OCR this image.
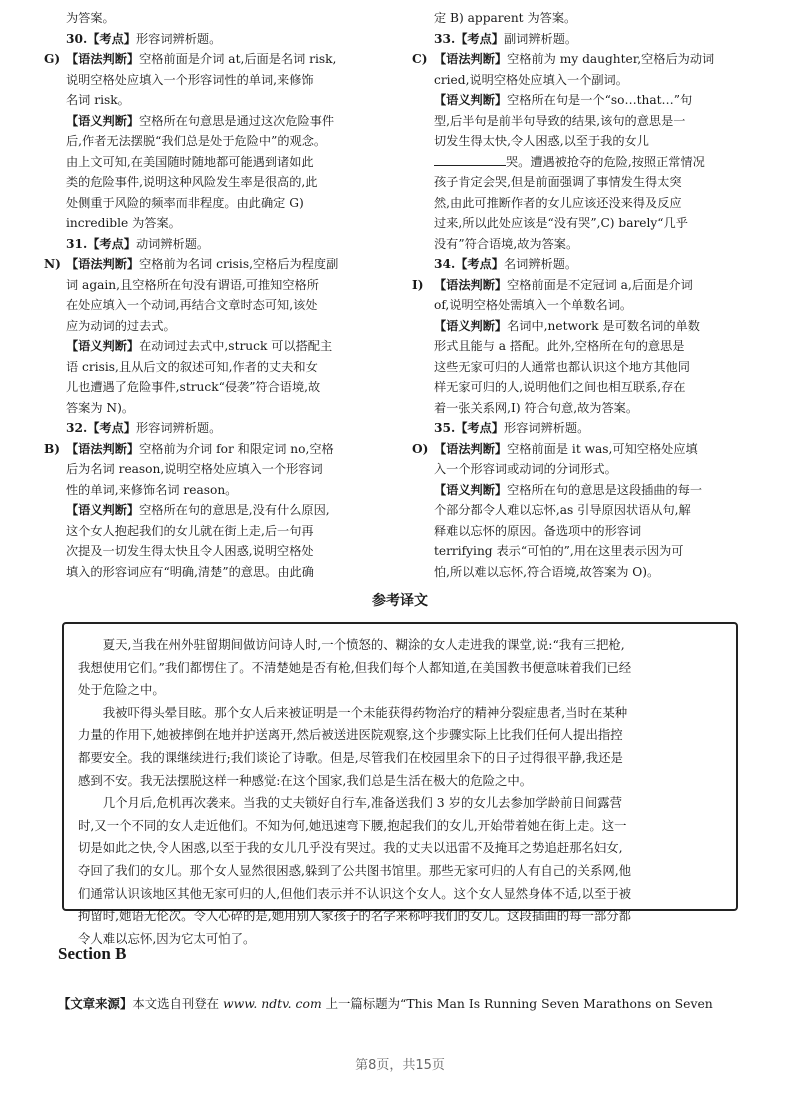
为答案。
30.【考点】形容词辨析题。
G) 【语法判断】空格前面是介词 at,后面是名词 risk,
说明空格处应填入一个形容词性的单词,来修饰
名词 risk。
【语义判断】空格所在句意思是通过这次危险事件
后,作者无法摆脱“我们总是处于危险中”的观念。
由上文可知,在美国随时随地都可能遇到诸如此
类的危险事件,说明这种风险发生率是很高的,此
处侧重于风险的频率而非程度。由此确定 G)
incredible 为答案。
31.【考点】动词辨析题。
N) 【语法判断】空格前为名词 crisis,空格后为程度副
词 again,且空格所在句没有谓语,可推知空格所
在处应填入一个动词,再结合文章时态可知,该处
应为动词的过去式。
【语义判断】在动词过去式中,struck 可以搭配主
语 crisis,且从后文的叙述可知,作者的丈夫和女
儿也遭遇了危险事件,struck“侵袭”符合语境,故
答案为 N)。
32.【考点】形容词辨析题。
B) 【语法判断】空格前为介词 for 和限定词 no,空格
后为名词 reason,说明空格处应填入一个形容词
性的单词,来修饰名词 reason。
【语义判断】空格所在句的意思是,没有什么原因,
这个女人抱起我们的女儿就在街上走,后一句再
次提及一切发生得太快且令人困惑,说明空格处
填入的形容词应有“明确,清楚”的意思。由此确
定 B) apparent 为答案。
33.【考点】副词辨析题。
C) 【语法判断】空格前为 my daughter,空格后为动词
cried,说明空格处应填入一个副词。
【语义判断】空格所在句是一个“so…that…”句
型,后半句是前半句导致的结果,该句的意思是一
切发生得太快,令人困惑,以至于我的女儿
哭。遭遇被抢夺的危险,按照正常情况
孩子肯定会哭,但是前面强调了事情发生得太突
然,由此可推断作者的女儿应该还没来得及反应
过来,所以此处应该是“没有哭”,C) barely“几乎
没有”符合语境,故为答案。
34.【考点】名词辨析题。
I) 【语法判断】空格前面是不定冠词 a,后面是介词
of,说明空格处需填入一个单数名词。
【语义判断】名词中,network 是可数名词的单数
形式且能与 a 搭配。此外,空格所在句的意思是
这些无家可归的人通常也都认识这个地方其他同
样无家可归的人,说明他们之间也相互联系,存在
着一张关系网,I) 符合句意,故为答案。
35.【考点】形容词辨析题。
O) 【语法判断】空格前面是 it was,可知空格处应填
入一个形容词或动词的分词形式。
【语义判断】空格所在句的意思是这段插曲的每一
个部分都令人难以忘怀,as 引导原因状语从句,解
释难以忘怀的原因。备选项中的形容词
terrifying 表示“可怕的”,用在这里表示因为可
怕,所以难以忘怀,符合语境,故答案为 O)。
参考译文
　　夏天,当我在州外驻留期间做访问诗人时,一个愤怒的、糊涂的女人走进我的课堂,说:“我有三把枪,
我想使用它们。”我们都愣住了。不清楚她是否有枪,但我们每个人都知道,在美国教书便意味着我们已经
处于危险之中。
　　我被吓得头晕目眩。那个女人后来被证明是一个未能获得药物治疗的精神分裂症患者,当时在某种
力量的作用下,她被摔倒在地并护送离开,然后被送进医院观察,这个步骤实际上比我们任何人提出指控
都要安全。我的课继续进行;我们谈论了诗歌。但是,尽管我们在校园里余下的日子过得很平静,我还是
感到不安。我无法摆脱这样一种感觉:在这个国家,我们总是生活在极大的危险之中。
　　几个月后,危机再次袭来。当我的丈夫锁好自行车,准备送我们 3 岁的女儿去参加学龄前日间露营
时,又一个不同的女人走近他们。不知为何,她迅速弯下腰,抱起我们的女儿,开始带着她在街上走。这一
切是如此之快,令人困惑,以至于我的女儿几乎没有哭过。我的丈夫以迅雷不及掩耳之势追赶那名妇女,
夺回了我们的女儿。那个女人显然很困惑,躲到了公共图书馆里。那些无家可归的人有自己的关系网,他
们通常认识该地区其他无家可归的人,但他们表示并不认识这个女人。这个女人显然身体不适,以至于被
拘留时,她语无伦次。令人心碎的是,她用别人家孩子的名字来称呼我们的女儿。这段插曲的每一部分都
令人难以忘怀,因为它太可怕了。
Section B
【文章来源】本文选自刊登在 www. ndtv. com 上一篇标题为“This Man Is Running Seven Marathons on Seven
第8页，共15页
